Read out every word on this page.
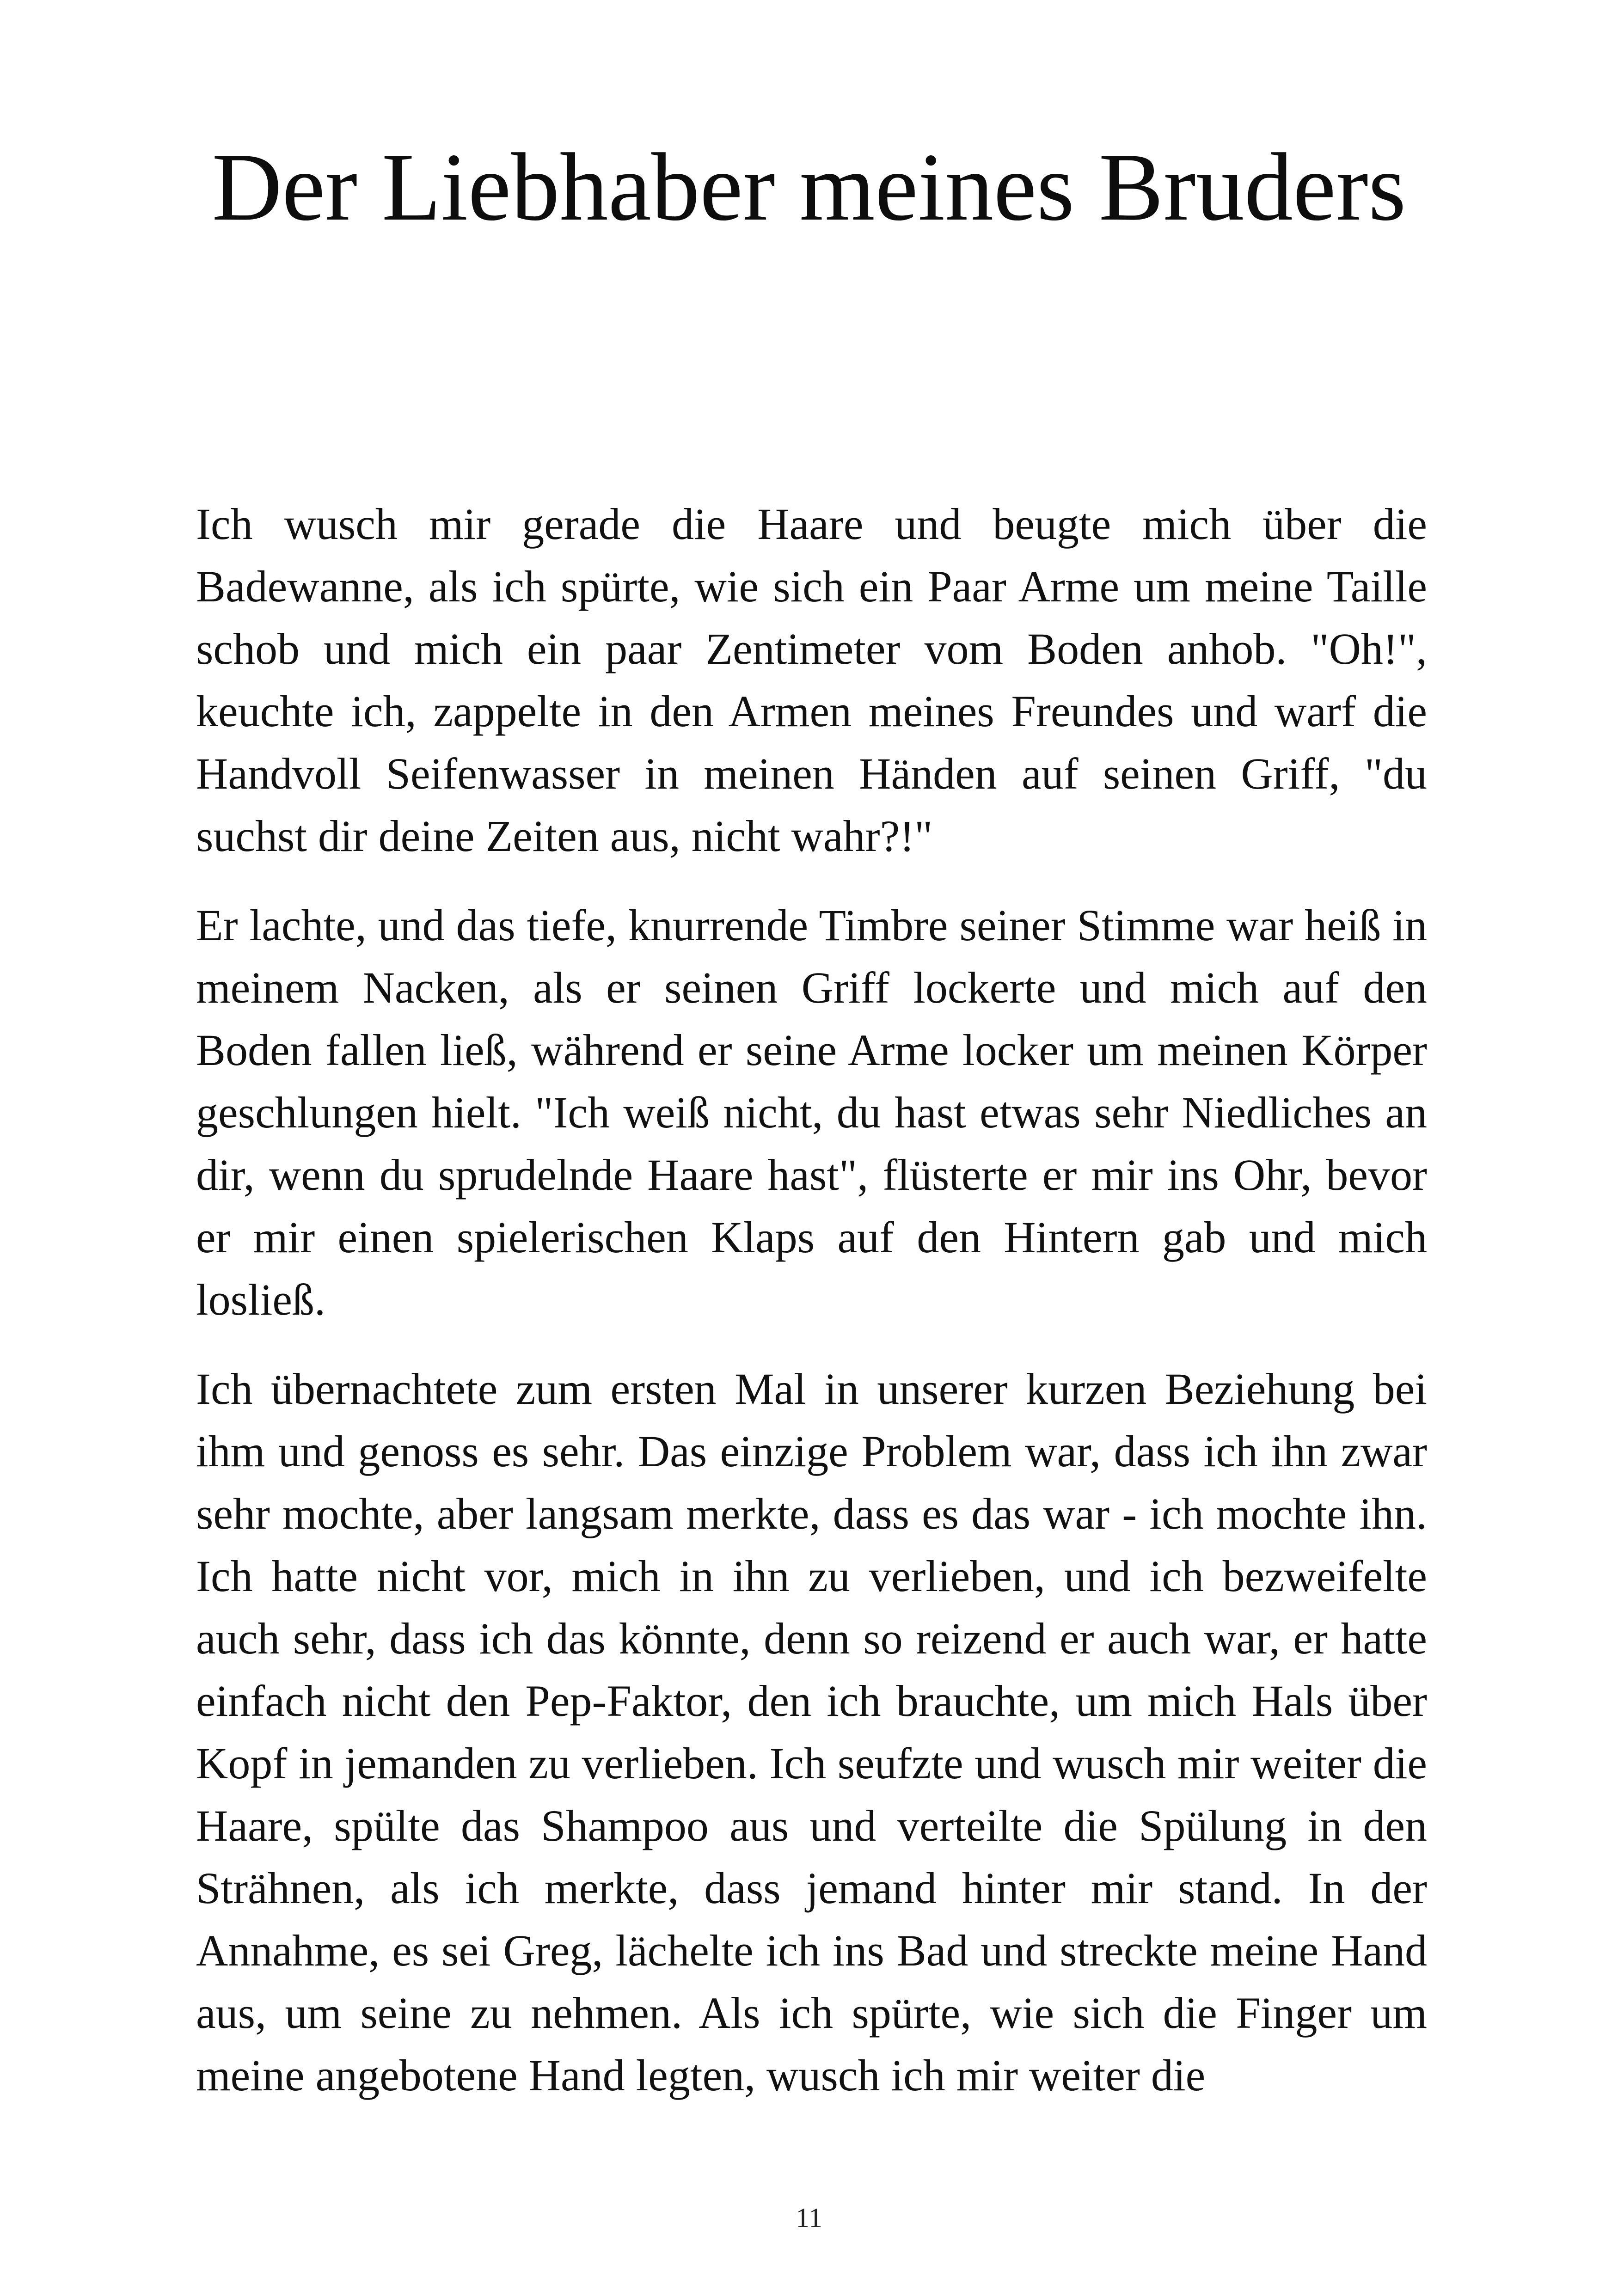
Der Liebhaber meines Bruders

Ich wusch mir gerade die Haare und beugte mich über die Badewanne, als ich spürte, wie sich ein Paar Arme um meine Taille schob und mich ein paar Zentimeter vom Boden anhob. "Oh!", keuchte ich, zappelte in den Armen meines Freundes und warf die Handvoll Seifenwasser in meinen Händen auf seinen Griff, "du suchst dir deine Zeiten aus, nicht wahr?!"

Er lachte, und das tiefe, knurrende Timbre seiner Stimme war heiß in meinem Nacken, als er seinen Griff lockerte und mich auf den Boden fallen ließ, während er seine Arme locker um meinen Körper geschlungen hielt. "Ich weiß nicht, du hast etwas sehr Niedliches an dir, wenn du sprudelnde Haare hast", flüsterte er mir ins Ohr, bevor er mir einen spielerischen Klaps auf den Hintern gab und mich losließ.

Ich übernachtete zum ersten Mal in unserer kurzen Beziehung bei ihm und genoss es sehr. Das einzige Problem war, dass ich ihn zwar sehr mochte, aber langsam merkte, dass es das war - ich mochte ihn. Ich hatte nicht vor, mich in ihn zu verlieben, und ich bezweifelte auch sehr, dass ich das könnte, denn so reizend er auch war, er hatte einfach nicht den Pep-Faktor, den ich brauchte, um mich Hals über Kopf in jemanden zu verlieben. Ich seufzte und wusch mir weiter die Haare, spülte das Shampoo aus und verteilte die Spülung in den Strähnen, als ich merkte, dass jemand hinter mir stand. In der Annahme, es sei Greg, lächelte ich ins Bad und streckte meine Hand aus, um seine zu nehmen. Als ich spürte, wie sich die Finger um meine angebotene Hand legten, wusch ich mir weiter die

11
